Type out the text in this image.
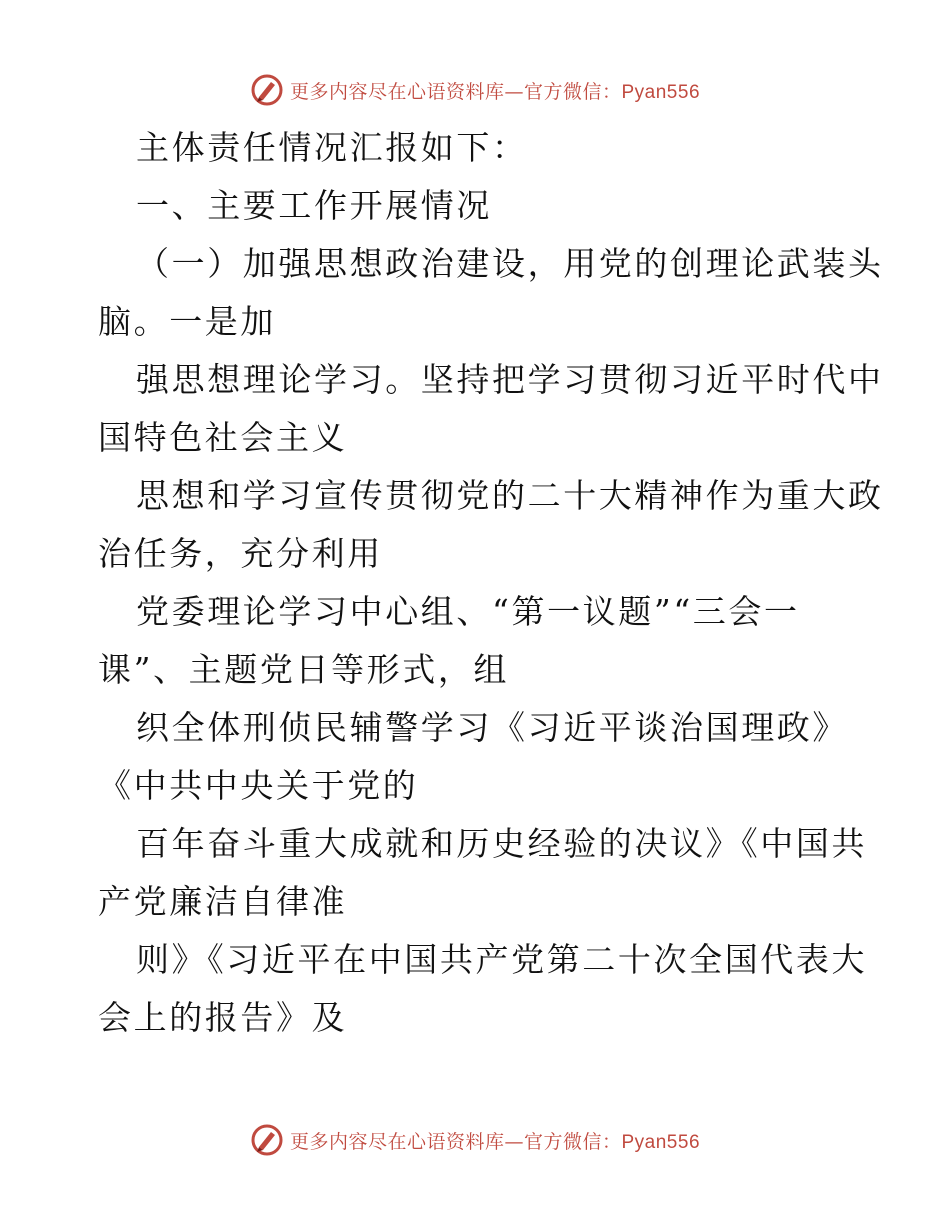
更多内容尽在心语资料库—官方微信：Pyan556
主体责任情况汇报如下：
一、主要工作开展情况
（一）加强思想政治建设，用党的创理论武装头
脑。一是加
强思想理论学习。坚持把学习贯彻习近平时代中
国特色社会主义
思想和学习宣传贯彻党的二十大精神作为重大政
治任务，充分利用
党委理论学习中心组、“第一议题”“三会一
课”、主题党日等形式，组
织全体刑侦民辅警学习《习近平谈治国理政》
《中共中央关于党的
百年奋斗重大成就和历史经验的决议》《中国共
产党廉洁自律准
则》《习近平在中国共产党第二十次全国代表大
会上的报告》及
更多内容尽在心语资料库—官方微信：Pyan556
